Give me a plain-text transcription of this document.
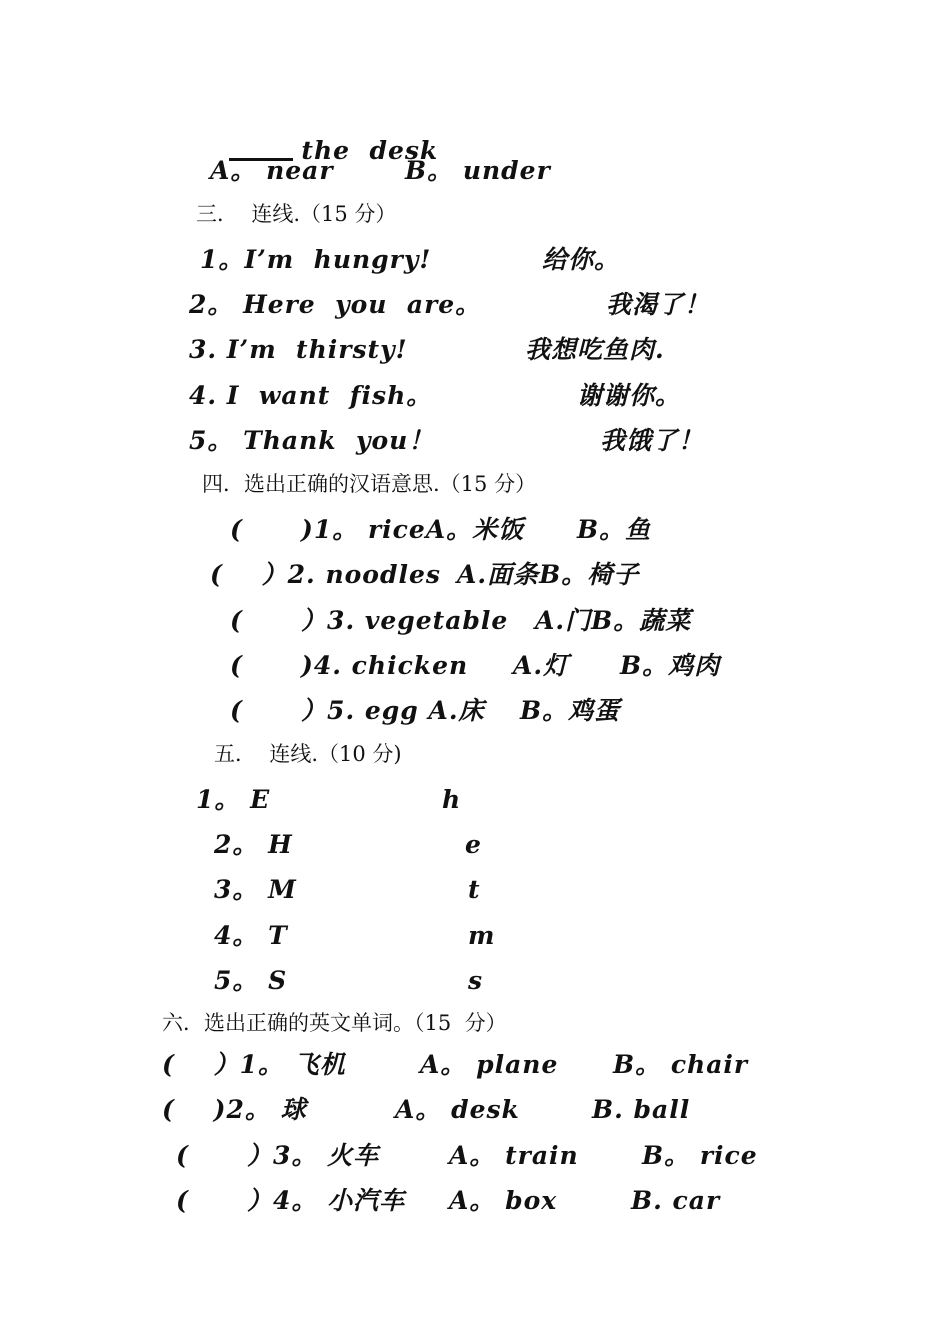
the  desk

A。 near	B。 under
三．  连线.（15 分）
1。I’m  hungry!	给你。
2。 Here  you  are。	我渴了！
3. I’m  thirsty!	我想吃鱼肉.
4. I  want  fish。	谢谢你。
5。 Thank  you！	我饿了！
四．选出正确的汉语意思.（15 分）
(      )1。 riceA。米饭 B。鱼
(    ）2. noodles A.面条B。椅子
(      ）3. vegetable A.门B。蔬菜
(      )4. chicken A.灯 B。鸡肉
(      ）5. egg A.床 B。鸡蛋
五．  连线.（10 分)
1。 E	h
2。 H	e
3。 M	t
4。 T	m
5。 S	s
六．选出正确的英文单词。（15  分）
(    ）1。 飞机	A。 plane B。 chair
(    )2。 球	A。 desk	B. ball
(      ）3。 火车	A。 train	B。 rice
(      ）4。 小汽车 A。 box	B. car
